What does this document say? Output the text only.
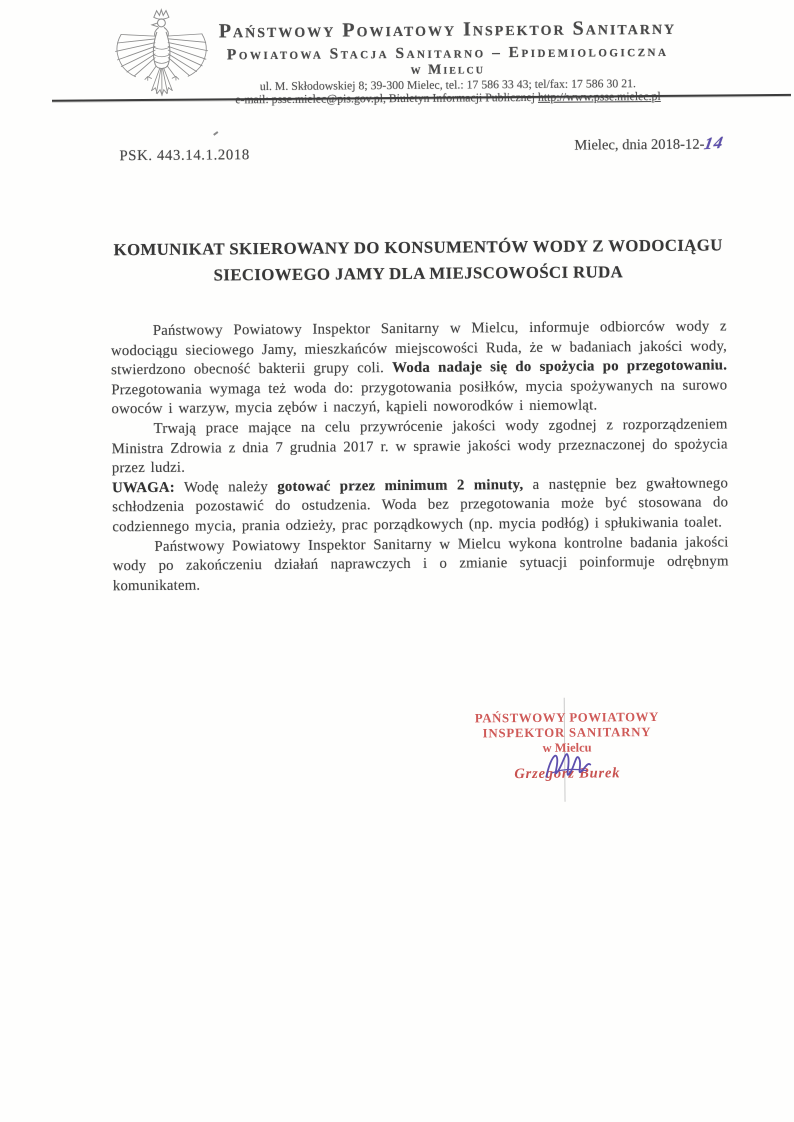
Państwowy Powiatowy Inspektor Sanitarny
Powiatowa Stacja Sanitarno – Epidemiologiczna
w Mielcu
ul. M. Skłodowskiej 8; 39-300 Mielec, tel.: 17 586 33 43; tel/fax: 17 586 30 21.
PSK. 443.14.1.2018
Mielec, dnia 2018-12-14
KOMUNIKAT SKIEROWANY DO KONSUMENTÓW WODY Z WODOCIĄGU SIECIOWEGO JAMY DLA MIEJSCOWOŚCI RUDA

Państwowy Powiatowy Inspektor Sanitarny w Mielcu, informuje odbiorców wody z wodociągu sieciowego Jamy, mieszkańców miejscowości Ruda, że w badaniach jakości wody, stwierdzono obecność bakterii grupy coli. Woda nadaje się do spożycia po przegotowaniu. Przegotowania wymaga też woda do: przygotowania posiłków, mycia spożywanych na surowo owoców i warzyw, mycia zębów i naczyń, kąpieli noworodków i niemowląt.

Trwają prace mające na celu przywrócenie jakości wody zgodnej z rozporządzeniem Ministra Zdrowia z dnia 7 grudnia 2017 r. w sprawie jakości wody przeznaczonej do spożycia przez ludzi.

UWAGA: Wodę należy gotować przez minimum 2 minuty, a następnie bez gwałtownego schłodzenia pozostawić do ostudzenia. Woda bez przegotowania może być stosowana do codziennego mycia, prania odzieży, prac porządkowych (np. mycia podłóg) i spłukiwania toalet.

Państwowy Powiatowy Inspektor Sanitarny w Mielcu wykona kontrolne badania jakości wody po zakończeniu działań naprawczych i o zmianie sytuacji poinformuje odrębnym komunikatem.

PAŃSTWOWY POWIATOWY
INSPEKTOR SANITARNY
w Mielcu
Grzegorz Burek
